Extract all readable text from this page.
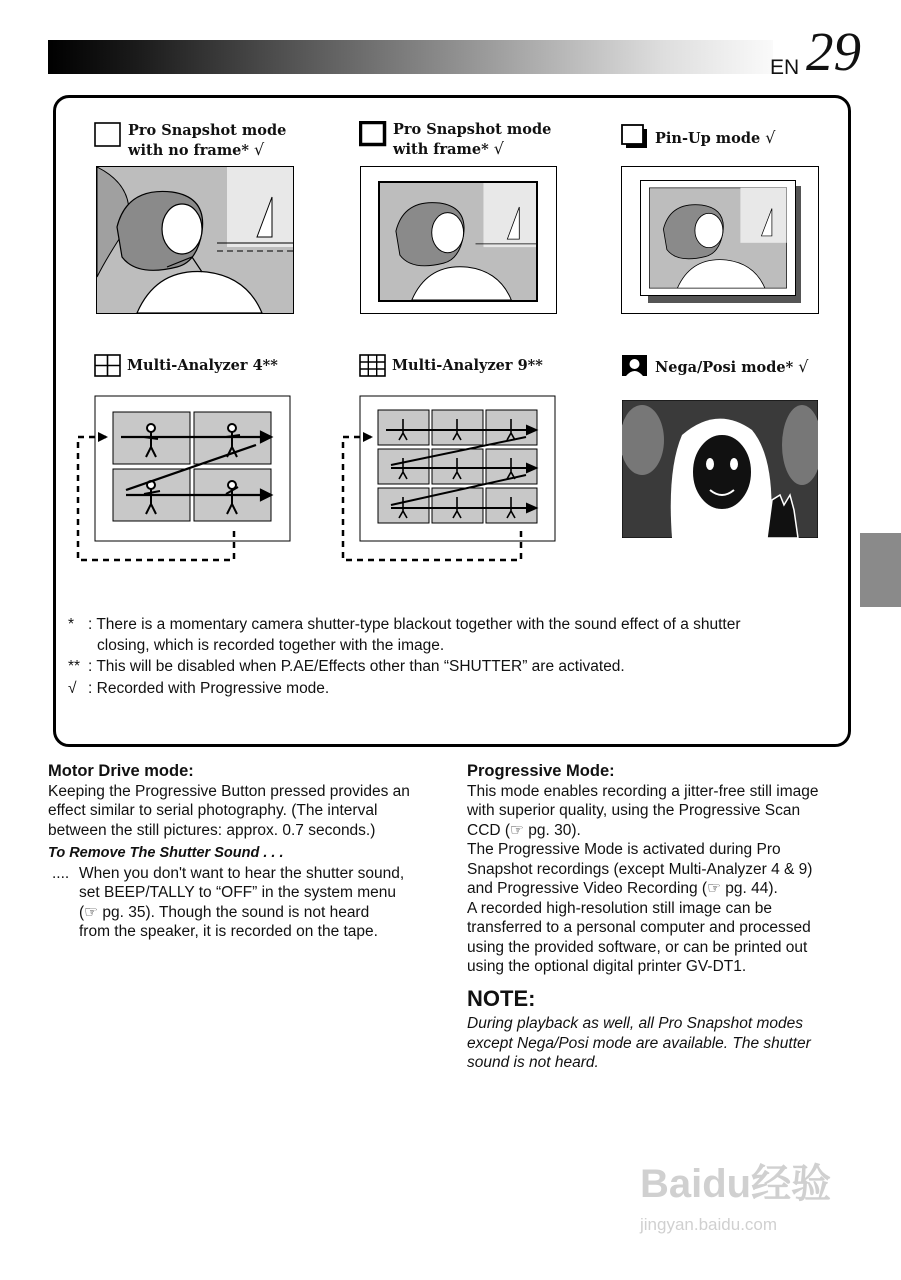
EN 29
Pro Snapshot mode
with no frame* √
Pro Snapshot mode
with frame* √
Pin-Up mode √
Multi-Analyzer 4**	Multi-Analyzer 9**	Nega/Posi mode* √
* : There is a momentary camera shutter-type blackout together with the sound effect of a shutter
closing, which is recorded together with the image.
** : This will be disabled when P.AE/Effects other than “SHUTTER” are activated.
√ : Recorded with Progressive mode.
Motor Drive mode:
Keeping the Progressive Button pressed provides an
effect similar to serial photography. (The interval
between the still pictures: approx. 0.7 seconds.)
To Remove The Shutter Sound . . .
.... When you don't want to hear the shutter sound,
set BEEP/TALLY to “OFF” in the system menu
(☞ pg. 35). Though the sound is not heard
from the speaker, it is recorded on the tape.
Progressive Mode:
This mode enables recording a jitter-free still image
with superior quality, using the Progressive Scan
CCD (☞ pg. 30).
The Progressive Mode is activated during Pro
Snapshot recordings (except Multi-Analyzer 4 & 9)
and Progressive Video Recording (☞ pg. 44).
A recorded high-resolution still image can be
transferred to a personal computer and processed
using the provided software, or can be printed out
using the optional digital printer GV-DT1.
NOTE:
During playback as well, all Pro Snapshot modes
except Nega/Posi mode are available. The shutter
sound is not heard.
Baidu经验
jingyan.baidu.com
